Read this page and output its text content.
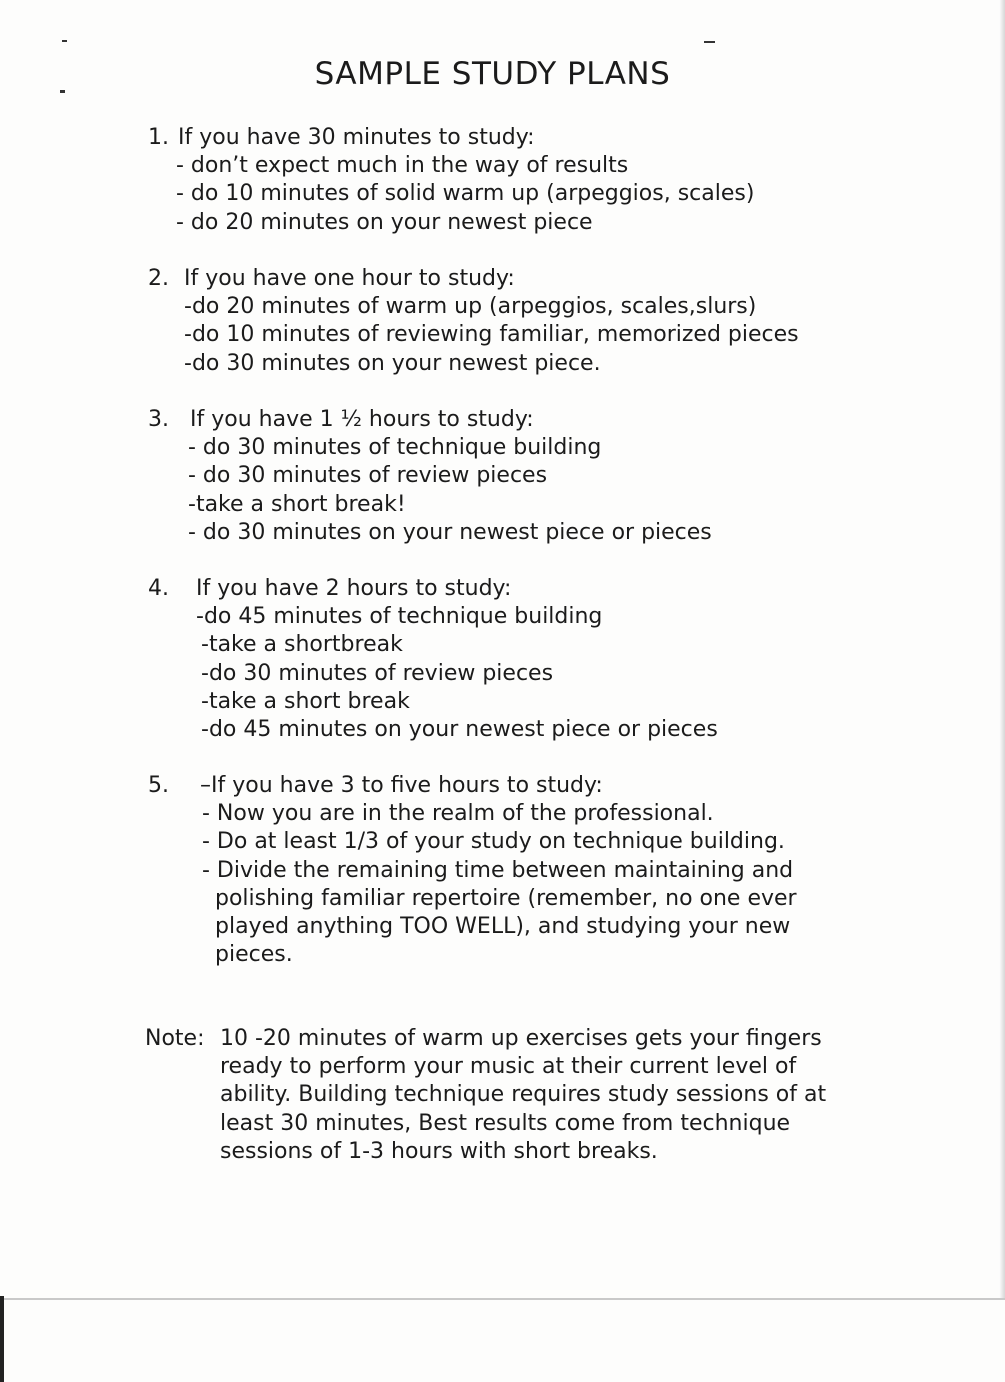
SAMPLE STUDY PLANS
1. If you have 30 minutes to study:
- don’t expect much in the way of results
- do 10 minutes of solid warm up (arpeggios, scales)
- do 20 minutes on your newest piece
2. If you have one hour to study:
-do 20 minutes of warm up (arpeggios, scales,slurs)
-do 10 minutes of reviewing familiar, memorized pieces
-do 30 minutes on your newest piece.
3. If you have 1 ½ hours to study:
- do 30 minutes of technique building
- do 30 minutes of review pieces
-take a short break!
- do 30 minutes on your newest piece or pieces
4. If you have 2 hours to study:
-do 45 minutes of technique building
-take a shortbreak
-do 30 minutes of review pieces
-take a short break
-do 45 minutes on your newest piece or pieces
5. –If you have 3 to five hours to study:
- Now you are in the realm of the professional.
- Do at least 1/3 of your study on technique building.
- Divide the remaining time between maintaining and
polishing familiar repertoire (remember, no one ever
played anything TOO WELL), and studying your new
pieces.
Note: 10 -20 minutes of warm up exercises gets your fingers
ready to perform your music at their current level of
ability. Building technique requires study sessions of at
least 30 minutes, Best results come from technique
sessions of 1-3 hours with short breaks.
